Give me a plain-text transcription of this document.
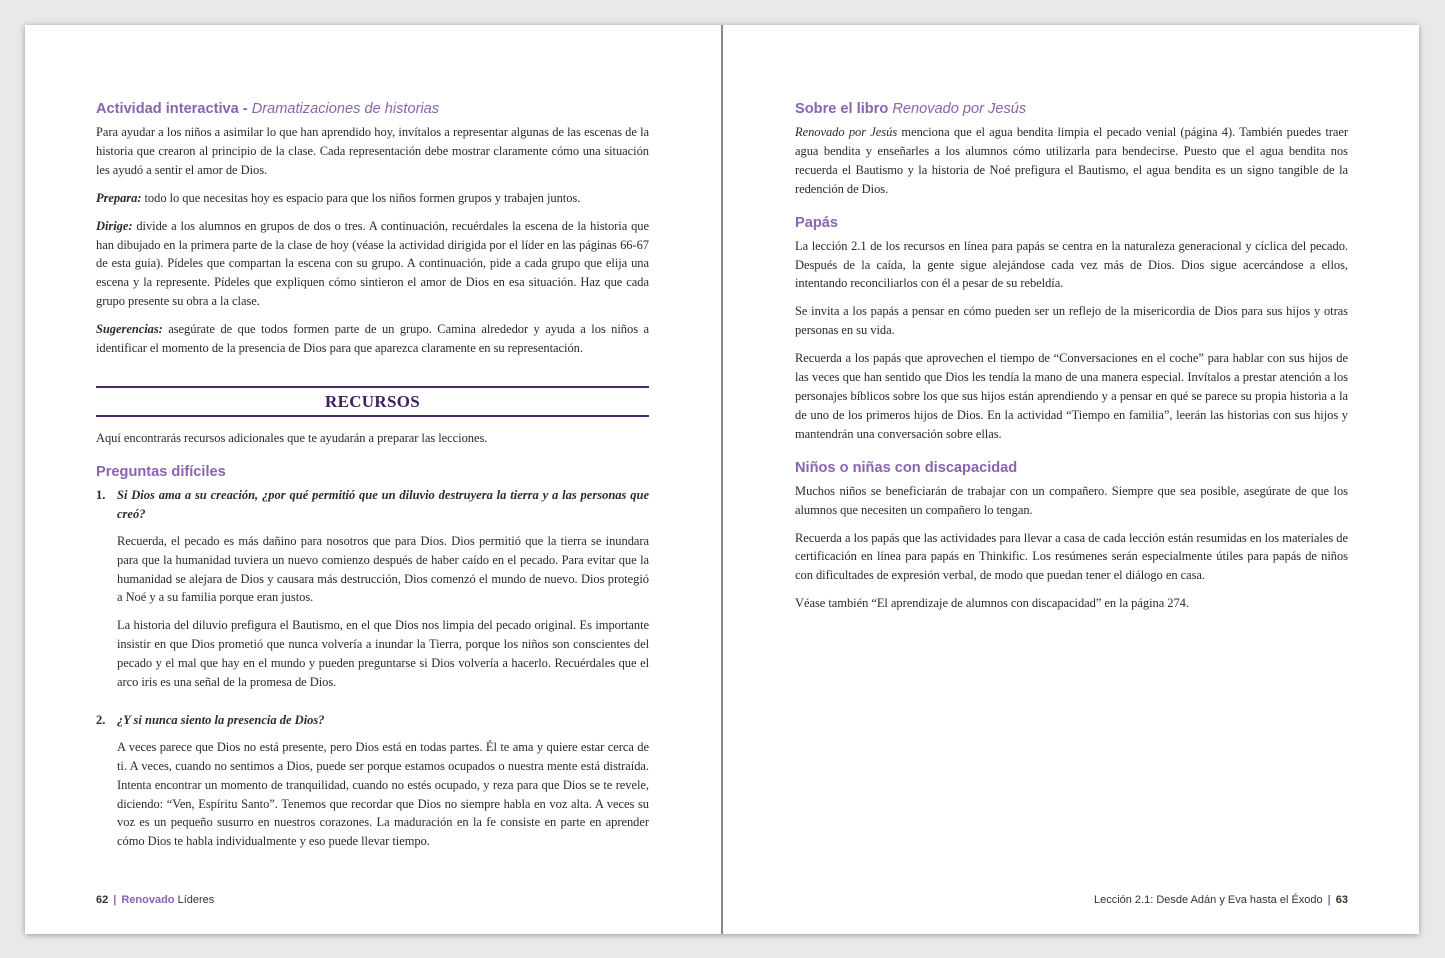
Actividad interactiva - Dramatizaciones de historias

Para ayudar a los niños a asimilar lo que han aprendido hoy, invítalos a representar algunas de las escenas de la historia que crearon al principio de la clase. Cada representación debe mostrar claramente cómo una situación les ayudó a sentir el amor de Dios.

Prepara: todo lo que necesitas hoy es espacio para que los niños formen grupos y trabajen juntos.

Dirige: divide a los alumnos en grupos de dos o tres. A continuación, recuérdales la escena de la historia que han dibujado en la primera parte de la clase de hoy (véase la actividad dirigida por el líder en las páginas 66-67 de esta guía). Pídeles que compartan la escena con su grupo. A continuación, pide a cada grupo que elija una escena y la represente. Pídeles que expliquen cómo sintieron el amor de Dios en esa situación. Haz que cada grupo presente su obra a la clase.

Sugerencias: asegúrate de que todos formen parte de un grupo. Camina alrededor y ayuda a los niños a identificar el momento de la presencia de Dios para que aparezca claramente en su representación.

RECURSOS

Aquí encontrarás recursos adicionales que te ayudarán a preparar las lecciones.

Preguntas difíciles
1. Si Dios ama a su creación, ¿por qué permitió que un diluvio destruyera la tierra y a las personas que creó?

Recuerda, el pecado es más dañino para nosotros que para Dios. Dios permitió que la tierra se inundara para que la humanidad tuviera un nuevo comienzo después de haber caído en el pecado. Para evitar que la humanidad se alejara de Dios y causara más destrucción, Dios comenzó el mundo de nuevo. Dios protegió a Noé y a su familia porque eran justos.

La historia del diluvio prefigura el Bautismo, en el que Dios nos limpia del pecado original. Es importante insistir en que Dios prometió que nunca volvería a inundar la Tierra, porque los niños son conscientes del pecado y el mal que hay en el mundo y pueden preguntarse si Dios volvería a hacerlo. Recuérdales que el arco iris es una señal de la promesa de Dios.

2. ¿Y si nunca siento la presencia de Dios?

A veces parece que Dios no está presente, pero Dios está en todas partes. Él te ama y quiere estar cerca de ti. A veces, cuando no sentimos a Dios, puede ser porque estamos ocupados o nuestra mente está distraída. Intenta encontrar un momento de tranquilidad, cuando no estés ocupado, y reza para que Dios se te revele, diciendo: “Ven, Espíritu Santo”. Tenemos que recordar que Dios no siempre habla en voz alta. A veces su voz es un pequeño susurro en nuestros corazones. La maduración en la fe consiste en parte en aprender cómo Dios te habla individualmente y eso puede llevar tiempo.

62 | Renovado Líderes
Sobre el libro Renovado por Jesús

Renovado por Jesús menciona que el agua bendita limpia el pecado venial (página 4). También puedes traer agua bendita y enseñarles a los alumnos cómo utilizarla para bendecirse. Puesto que el agua bendita nos recuerda el Bautismo y la historia de Noé prefigura el Bautismo, el agua bendita es un signo tangible de la redención de Dios.

Papás

La lección 2.1 de los recursos en línea para papás se centra en la naturaleza generacional y cíclica del pecado. Después de la caída, la gente sigue alejándose cada vez más de Dios. Dios sigue acercándose a ellos, intentando reconciliarlos con él a pesar de su rebeldía.

Se invita a los papás a pensar en cómo pueden ser un reflejo de la misericordia de Dios para sus hijos y otras personas en su vida.

Recuerda a los papás que aprovechen el tiempo de “Conversaciones en el coche” para hablar con sus hijos de las veces que han sentido que Dios les tendía la mano de una manera especial. Invítalos a prestar atención a los personajes bíblicos sobre los que sus hijos están aprendiendo y a pensar en qué se parece su propia historia a la de uno de los primeros hijos de Dios. En la actividad “Tiempo en familia”, leerán las historias con sus hijos y mantendrán una conversación sobre ellas.

Niños o niñas con discapacidad

Muchos niños se beneficiarán de trabajar con un compañero. Siempre que sea posible, asegúrate de que los alumnos que necesiten un compañero lo tengan.

Recuerda a los papás que las actividades para llevar a casa de cada lección están resumidas en los materiales de certificación en línea para papás en Thinkific. Los resúmenes serán especialmente útiles para papás de niños con dificultades de expresión verbal, de modo que puedan tener el diálogo en casa.

Véase también “El aprendizaje de alumnos con discapacidad” en la página 274.

Lección 2.1: Desde Adán y Eva hasta el Éxodo | 63
